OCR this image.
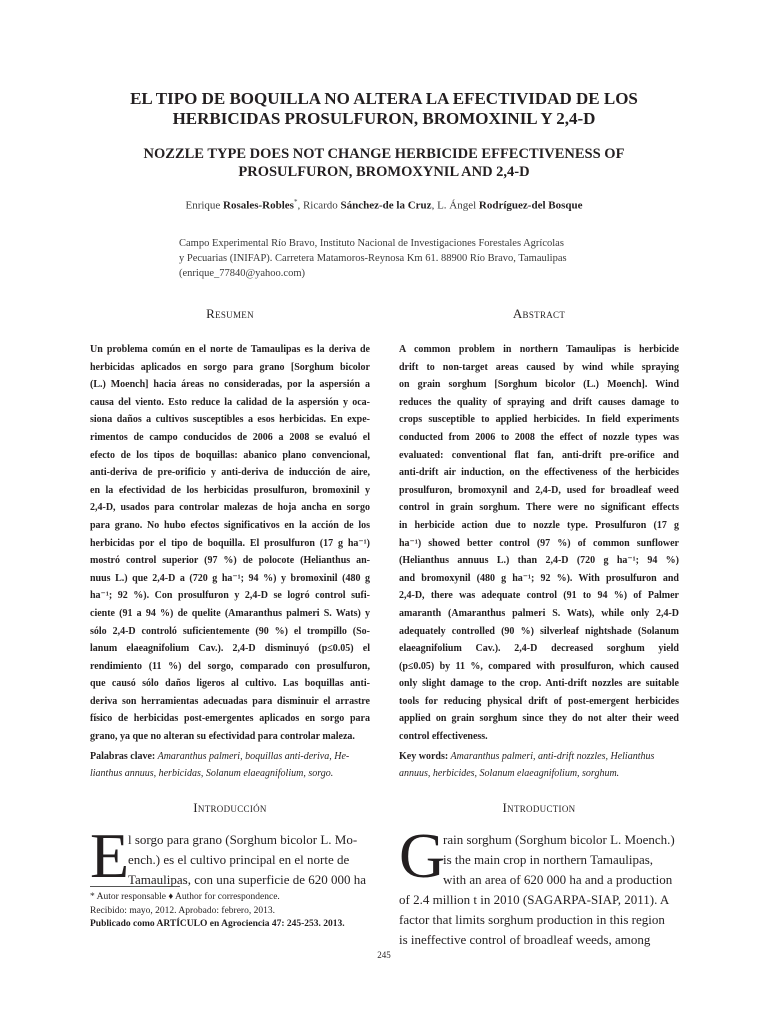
EL TIPO DE BOQUILLA NO ALTERA LA EFECTIVIDAD DE LOS
HERBICIDAS PROSULFURON, BROMOXINIL Y 2,4-D
NOZZLE TYPE DOES NOT CHANGE HERBICIDE EFFECTIVENESS OF
PROSULFURON, BROMOXYNIL AND 2,4-D
Enrique Rosales-Robles*, Ricardo Sánchez-de la Cruz, L. Ángel Rodríguez-del Bosque
Campo Experimental Río Bravo, Instituto Nacional de Investigaciones Forestales Agrícolas
y Pecuarias (INIFAP). Carretera Matamoros-Reynosa Km 61. 88900 Río Bravo, Tamaulipas
(enrique_77840@yahoo.com)
Resumen	Abstract
Un problema común en el norte de Tamaulipas es la deriva de
herbicidas aplicados en sorgo para grano [Sorghum bicolor
(L.) Moench] hacia áreas no consideradas, por la aspersión a
causa del viento. Esto reduce la calidad de la aspersión y oca-
siona daños a cultivos susceptibles a esos herbicidas. En expe-
rimentos de campo conducidos de 2006 a 2008 se evaluó el
efecto de los tipos de boquillas: abanico plano convencional,
anti-deriva de pre-orificio y anti-deriva de inducción de aire,
en la efectividad de los herbicidas prosulfuron, bromoxinil y
2,4-D, usados para controlar malezas de hoja ancha en sorgo
para grano. No hubo efectos significativos en la acción de los
herbicidas por el tipo de boquilla. El prosulfuron (17 g ha⁻¹)
mostró control superior (97 %) de polocote (Helianthus an-
nuus L.) que 2,4-D a (720 g ha⁻¹; 94 %) y bromoxinil (480 g
ha⁻¹; 92 %). Con prosulfuron y 2,4-D se logró control sufi-
ciente (91 a 94 %) de quelite (Amaranthus palmeri S. Wats) y
sólo 2,4-D controló suficientemente (90 %) el trompillo (So-
lanum elaeagnifolium Cav.). 2,4-D disminuyó (p≤0.05) el
rendimiento (11 %) del sorgo, comparado con prosulfuron,
que causó sólo daños ligeros al cultivo. Las boquillas anti-
deriva son herramientas adecuadas para disminuir el arrastre
físico de herbicidas post-emergentes aplicados en sorgo para
grano, ya que no alteran su efectividad para controlar maleza.
A common problem in northern Tamaulipas is herbicide
drift to non-target areas caused by wind while spraying
on grain sorghum [Sorghum bicolor (L.) Moench]. Wind
reduces the quality of spraying and drift causes damage to
crops susceptible to applied herbicides. In field experiments
conducted from 2006 to 2008 the effect of nozzle types was
evaluated: conventional flat fan, anti-drift pre-orifice and
anti-drift air induction, on the effectiveness of the herbicides
prosulfuron, bromoxynil and 2,4-D, used for broadleaf weed
control in grain sorghum. There were no significant effects
in herbicide action due to nozzle type. Prosulfuron (17 g
ha⁻¹) showed better control (97 %) of common sunflower
(Helianthus annuus L.) than 2,4-D (720 g ha⁻¹; 94 %)
and bromoxynil (480 g ha⁻¹; 92 %). With prosulfuron and
2,4-D, there was adequate control (91 to 94 %) of Palmer
amaranth (Amaranthus palmeri S. Wats), while only 2,4-D
adequately controlled (90 %) silverleaf nightshade (Solanum
elaeagnifolium Cav.). 2,4-D decreased sorghum yield
(p≤0.05) by 11 %, compared with prosulfuron, which caused
only slight damage to the crop. Anti-drift nozzles are suitable
tools for reducing physical drift of post-emergent herbicides
applied on grain sorghum since they do not alter their weed
control effectiveness.
Palabras clave: Amaranthus palmeri, boquillas anti-deriva, He-
lianthus annuus, herbicidas, Solanum elaeagnifolium, sorgo.
Key words: Amaranthus palmeri, anti-drift nozzles, Helianthus
annuus, herbicides, Solanum elaeagnifolium, sorghum.
Introducción	Introduction
E
l sorgo para grano (Sorghum bicolor L. Mo-
ench.) es el cultivo principal en el norte de
Tamaulipas, con una superficie de 620 000 ha G
rain sorghum (Sorghum bicolor L. Moench.)
is the main crop in northern Tamaulipas,
with an area of 620 000 ha and a production
of 2.4 million t in 2010 (SAGARPA-SIAP, 2011). A
factor that limits sorghum production in this region
is ineffective control of broadleaf weeds, among
* Autor responsable ♦ Author for correspondence.
Recibido: mayo, 2012. Aprobado: febrero, 2013.
Publicado como ARTÍCULO en Agrociencia 47: 245-253. 2013.
245
